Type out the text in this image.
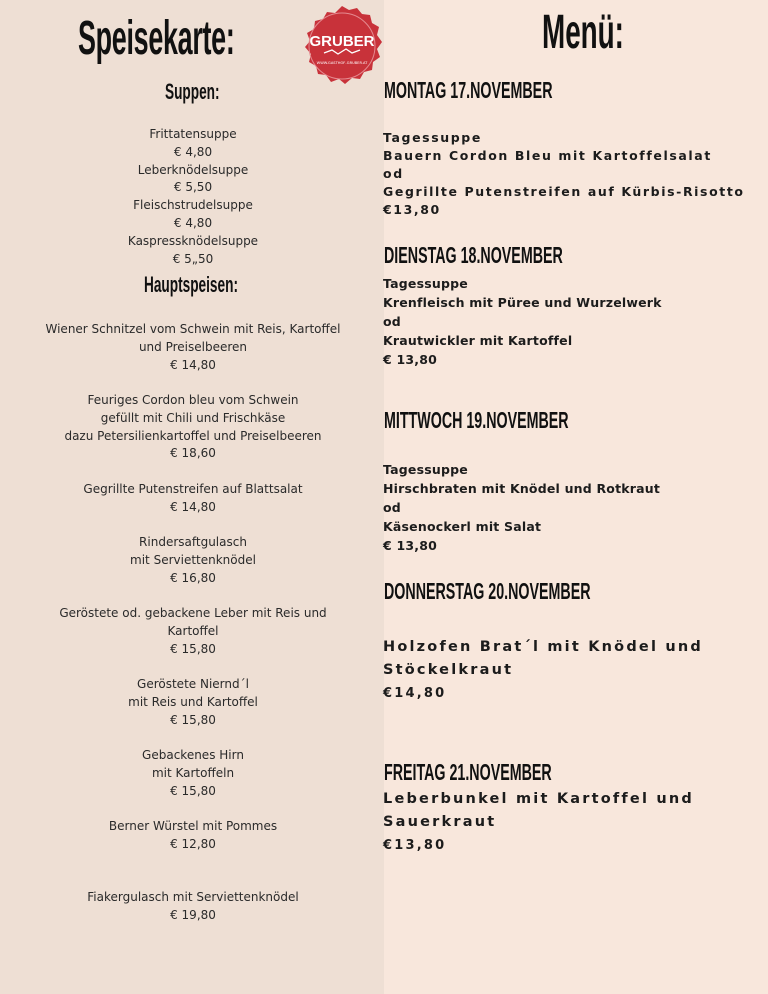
Speisekarte:	GRUBER
WWW.GASTHOF-GRUBER.AT
Suppen:
Frittatensuppe
€ 4,80
Leberknödelsuppe
€ 5,50
Fleischstrudelsuppe
€ 4,80
Kaspressknödelsuppe
€ 5„50
Hauptspeisen:
Wiener Schnitzel vom Schwein mit Reis, Kartoffel
und Preiselbeeren
€ 14,80
Feuriges Cordon bleu vom Schwein
gefüllt mit Chili und Frischkäse
dazu Petersilienkartoffel und Preiselbeeren
€ 18,60
Gegrillte Putenstreifen auf Blattsalat
€ 14,80
Rindersaftgulasch
mit Serviettenknödel
€ 16,80
Geröstete od. gebackene Leber mit Reis und
Kartoffel
€ 15,80
Geröstete Niernd´l
mit Reis und Kartoffel
€ 15,80
Gebackenes Hirn
mit Kartoffeln
€ 15,80
Berner Würstel mit Pommes
€ 12,80
Fiakergulasch mit Serviettenknödel
€ 19,80
Menü:
MONTAG 17.NOVEMBER
Tagessuppe
Bauern Cordon Bleu mit Kartoffelsalat
od
Gegrillte Putenstreifen auf Kürbis-Risotto
€13,80
DIENSTAG 18.NOVEMBER
Tagessuppe
Krenfleisch mit Püree und Wurzelwerk
od
Krautwickler mit Kartoffel
€ 13,80
MITTWOCH 19.NOVEMBER
Tagessuppe
Hirschbraten mit Knödel und Rotkraut
od
Käsenockerl mit Salat
€ 13,80
DONNERSTAG 20.NOVEMBER
Holzofen Brat´l mit Knödel und
Stöckelkraut
€14,80
FREITAG 21.NOVEMBER
Leberbunkel mit Kartoffel und
Sauerkraut
€13,80
